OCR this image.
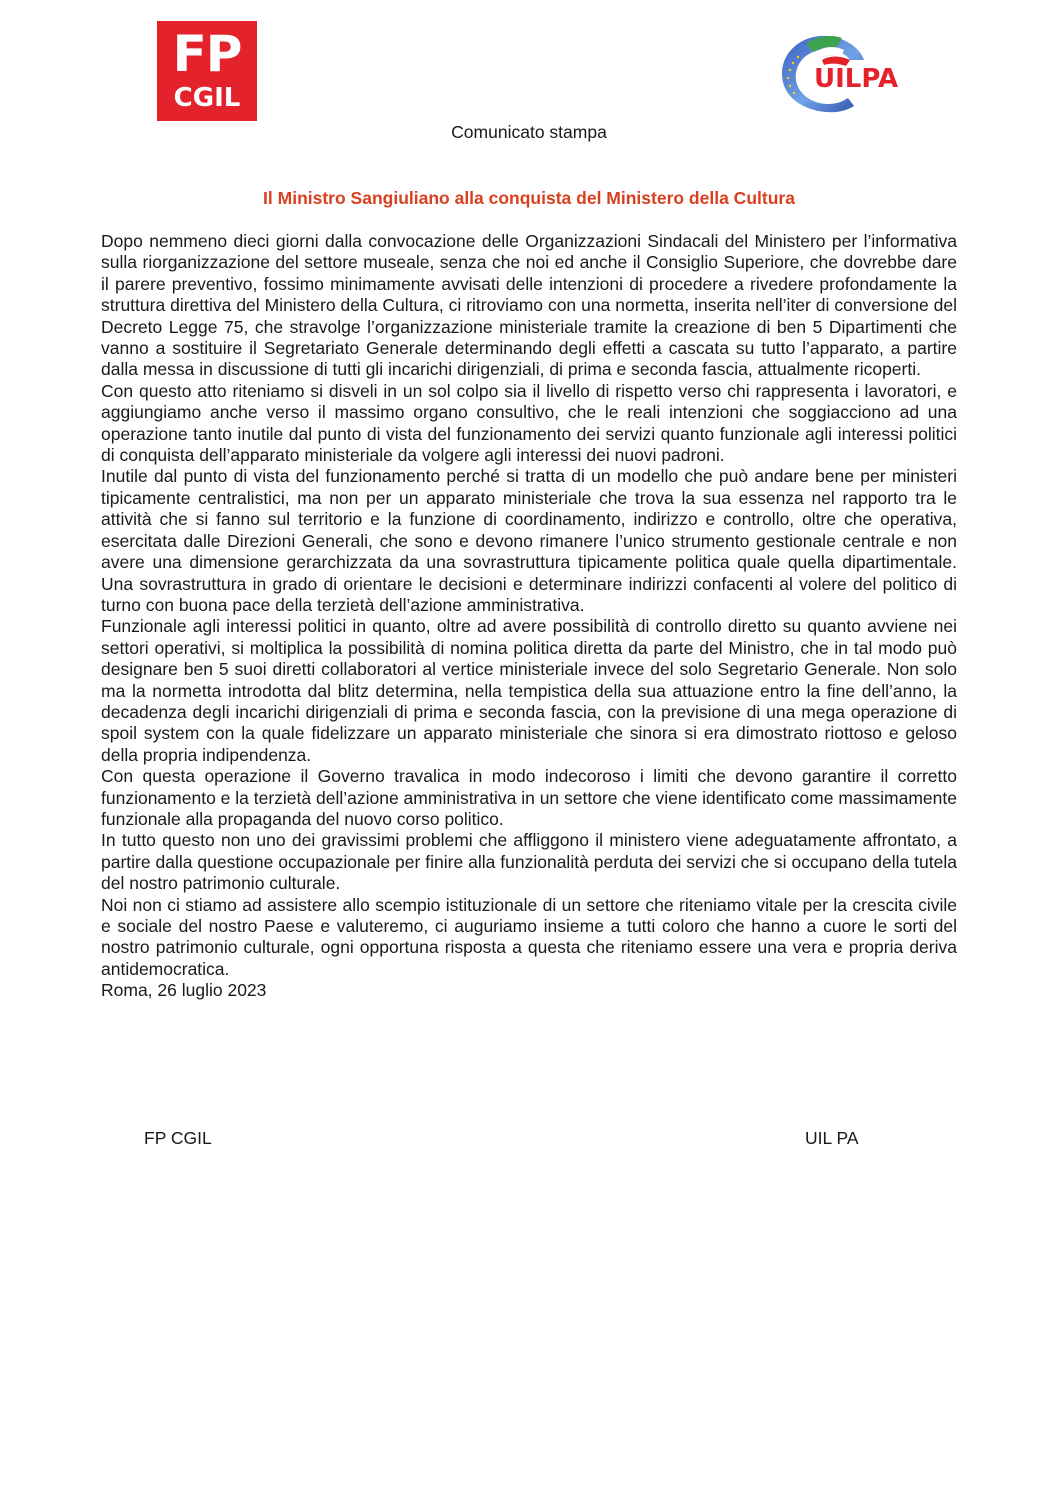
FP
CGIL
UILPA
Comunicato stampa
Il Ministro Sangiuliano alla conquista del Ministero della Cultura

Dopo nemmeno dieci giorni dalla convocazione delle Organizzazioni Sindacali del Ministero per l’informativa sulla riorganizzazione del settore museale, senza che noi ed anche il Consiglio Superiore, che dovrebbe dare il parere preventivo, fossimo minimamente avvisati delle intenzioni di procedere a rivedere profondamente la struttura direttiva del Ministero della Cultura, ci ritroviamo con una normetta, inserita nell’iter di conversione del Decreto Legge 75, che stravolge l’organizzazione ministeriale tramite la creazione di ben 5 Dipartimenti che vanno a sostituire il Segretariato Generale determinando degli effetti a cascata su tutto l’apparato, a partire dalla messa in discussione di tutti gli incarichi dirigenziali, di prima e seconda fascia, attualmente ricoperti.

Con questo atto riteniamo si disveli in un sol colpo sia il livello di rispetto verso chi rappresenta i lavoratori, e aggiungiamo anche verso il massimo organo consultivo, che le reali intenzioni che soggiacciono ad una operazione tanto inutile dal punto di vista del funzionamento dei servizi quanto funzionale agli interessi politici di conquista dell’apparato ministeriale da volgere agli interessi dei nuovi padroni.

Inutile dal punto di vista del funzionamento perché si tratta di un modello che può andare bene per ministeri tipicamente centralistici, ma non per un apparato ministeriale che trova la sua essenza nel rapporto tra le attività che si fanno sul territorio e la funzione di coordinamento, indirizzo e controllo, oltre che operativa, esercitata dalle Direzioni Generali, che sono e devono rimanere l’unico strumento gestionale centrale e non avere una dimensione gerarchizzata da una sovrastruttura tipicamente politica quale quella dipartimentale. Una sovrastruttura in grado di orientare le decisioni e determinare indirizzi confacenti al volere del politico di turno con buona pace della terzietà dell’azione amministrativa.

Funzionale agli interessi politici in quanto, oltre ad avere possibilità di controllo diretto su quanto avviene nei settori operativi, si moltiplica la possibilità di nomina politica diretta da parte del Ministro, che in tal modo può designare ben 5 suoi diretti collaboratori al vertice ministeriale invece del solo Segretario Generale. Non solo ma la normetta introdotta dal blitz determina, nella tempistica della sua attuazione entro la fine dell’anno, la decadenza degli incarichi dirigenziali di prima e seconda fascia, con la previsione di una mega operazione di spoil system con la quale fidelizzare un apparato ministeriale che sinora si era dimostrato riottoso e geloso della propria indipendenza.

Con questa operazione il Governo travalica in modo indecoroso i limiti che devono garantire il corretto funzionamento e la terzietà dell’azione amministrativa in un settore che viene identificato come massimamente funzionale alla propaganda del nuovo corso politico.

In tutto questo non uno dei gravissimi problemi che affliggono il ministero viene adeguatamente affrontato, a partire dalla questione occupazionale per finire alla funzionalità perduta dei servizi che si occupano della tutela del nostro patrimonio culturale.

Noi non ci stiamo ad assistere allo scempio istituzionale di un settore che riteniamo vitale per la crescita civile e sociale del nostro Paese e valuteremo, ci auguriamo insieme a tutti coloro che hanno a cuore le sorti del nostro patrimonio culturale, ogni opportuna risposta a questa che riteniamo essere una vera e propria deriva antidemocratica.

Roma, 26 luglio 2023

FP CGIL	UIL PA
